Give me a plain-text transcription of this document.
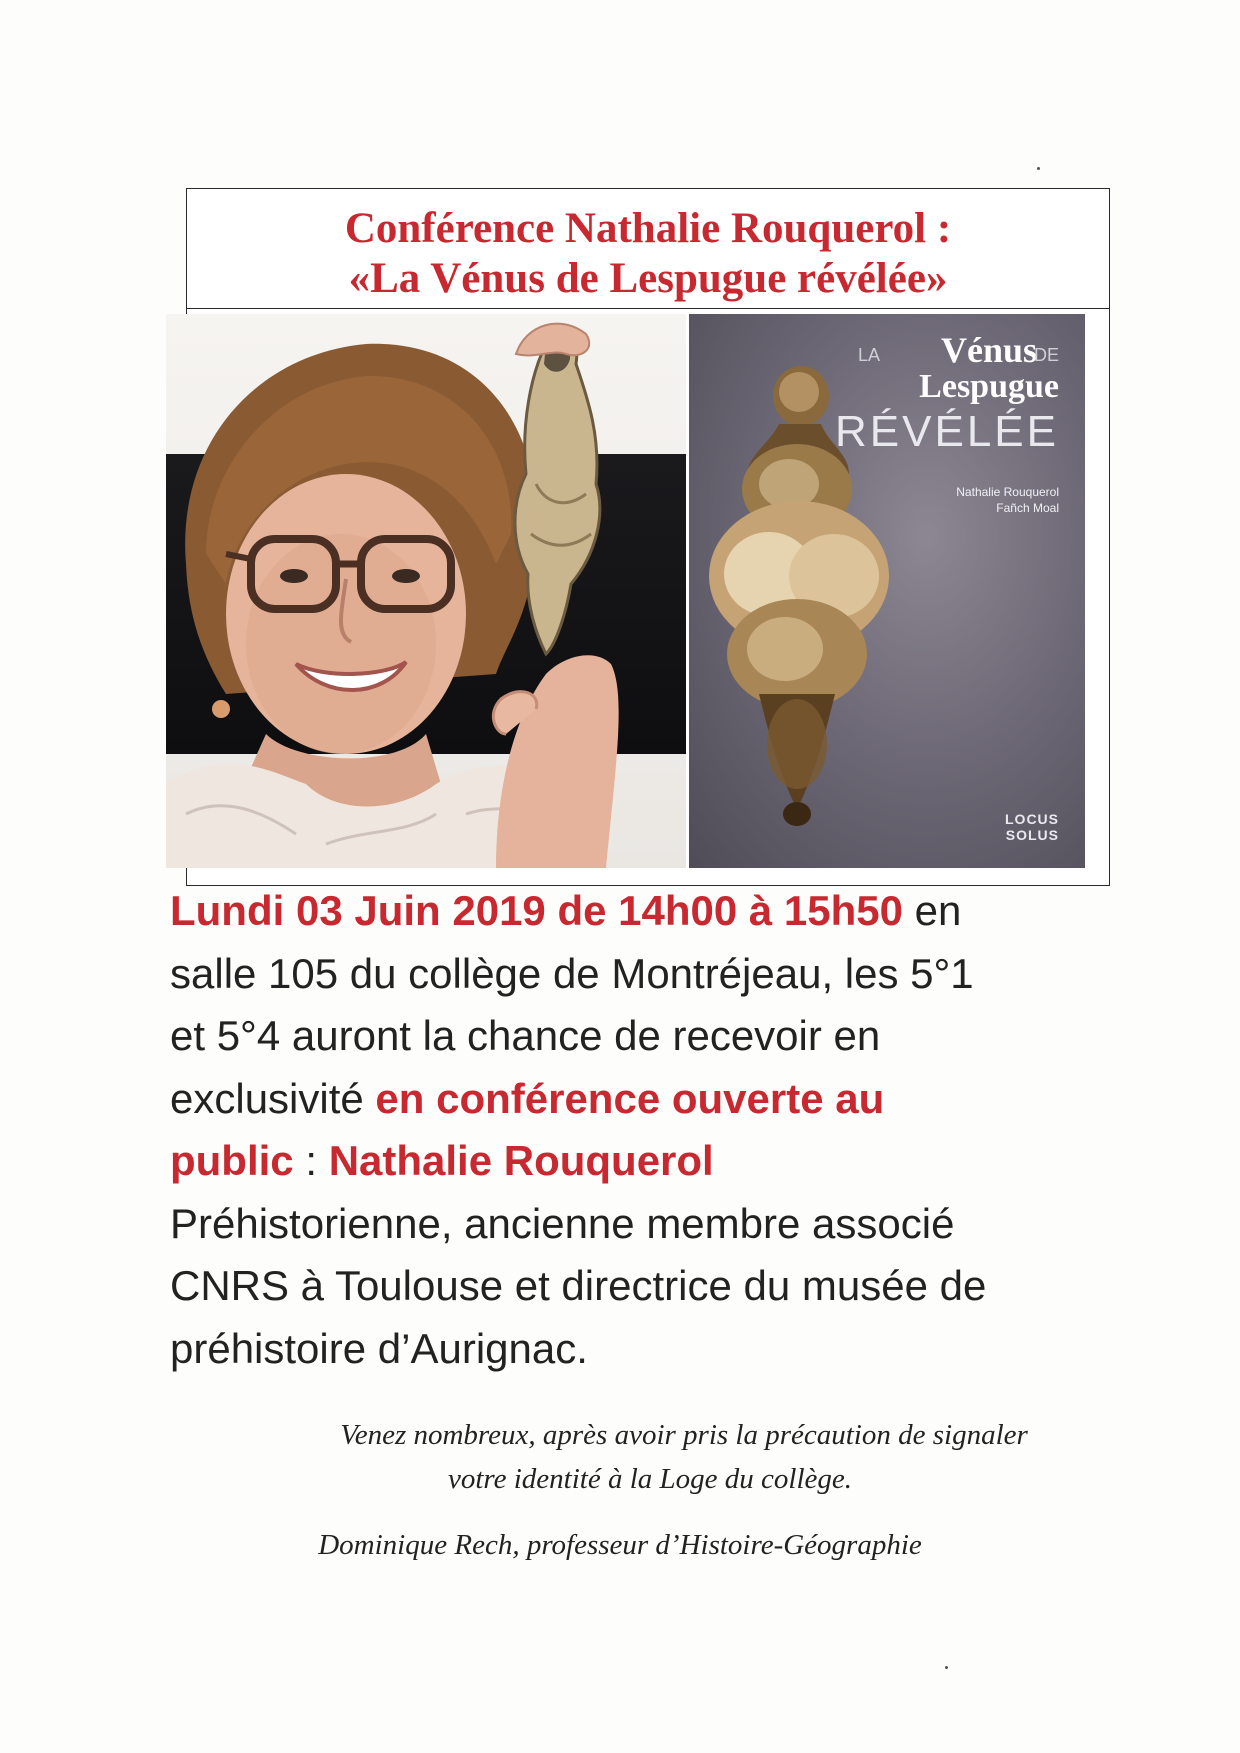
Conférence Nathalie Rouquerol :
«La Vénus de Lespugue révélée»
LA Vénus
DE
Lespugue
RÉVÉLÉE
Nathalie Rouquerol
Fañch Moal
LOCUS
SOLUS
Lundi 03 Juin 2019 de 14h00 à 15h50 en
salle 105 du collège de Montréjeau, les 5°1
et 5°4 auront la chance de recevoir en
exclusivité en conférence ouverte au
public : Nathalie Rouquerol
Préhistorienne, ancienne membre associé
CNRS à Toulouse et directrice du musée de
préhistoire d’Aurignac.
Venez nombreux, après avoir pris la précaution de signaler
votre identité à la Loge du collège.
Dominique Rech, professeur d’Histoire-Géographie
